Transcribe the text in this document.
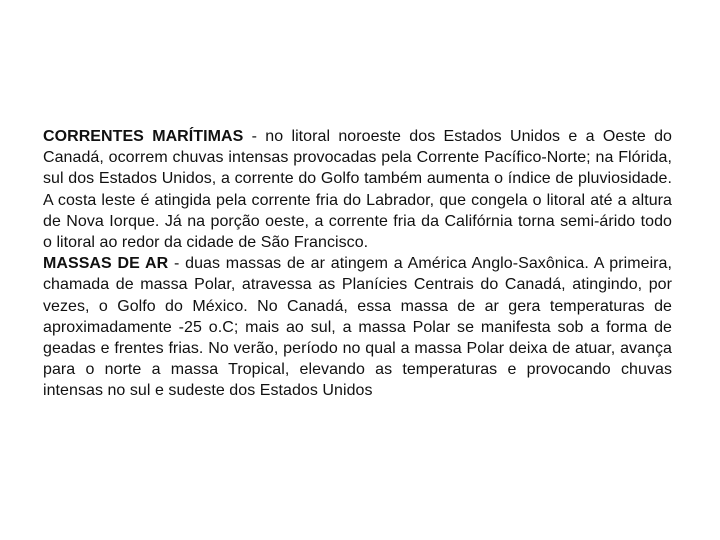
CORRENTES MARÍTIMAS - no litoral noroeste dos Estados Unidos e a Oeste do Canadá, ocorrem chuvas intensas provocadas pela Corrente Pacífico-Norte; na Flórida, sul dos Estados Unidos, a corrente do Golfo também aumenta o índice de pluviosidade. A costa leste é atingida pela corrente fria do Labrador, que congela o litoral até a altura de Nova Iorque. Já na porção oeste, a corrente fria da Califórnia torna semi-árido todo o litoral ao redor da cidade de São Francisco.

MASSAS DE AR - duas massas de ar atingem a América Anglo-Saxônica. A primeira, chamada de massa Polar, atravessa as Planícies Centrais do Canadá, atingindo, por vezes, o Golfo do México. No Canadá, essa massa de ar gera temperaturas de aproximadamente -25 o.C; mais ao sul, a massa Polar se manifesta sob a forma de geadas e frentes frias. No verão, período no qual a massa Polar deixa de atuar, avança para o norte a massa Tropical, elevando as temperaturas e provocando chuvas intensas no sul e sudeste dos Estados Unidos
